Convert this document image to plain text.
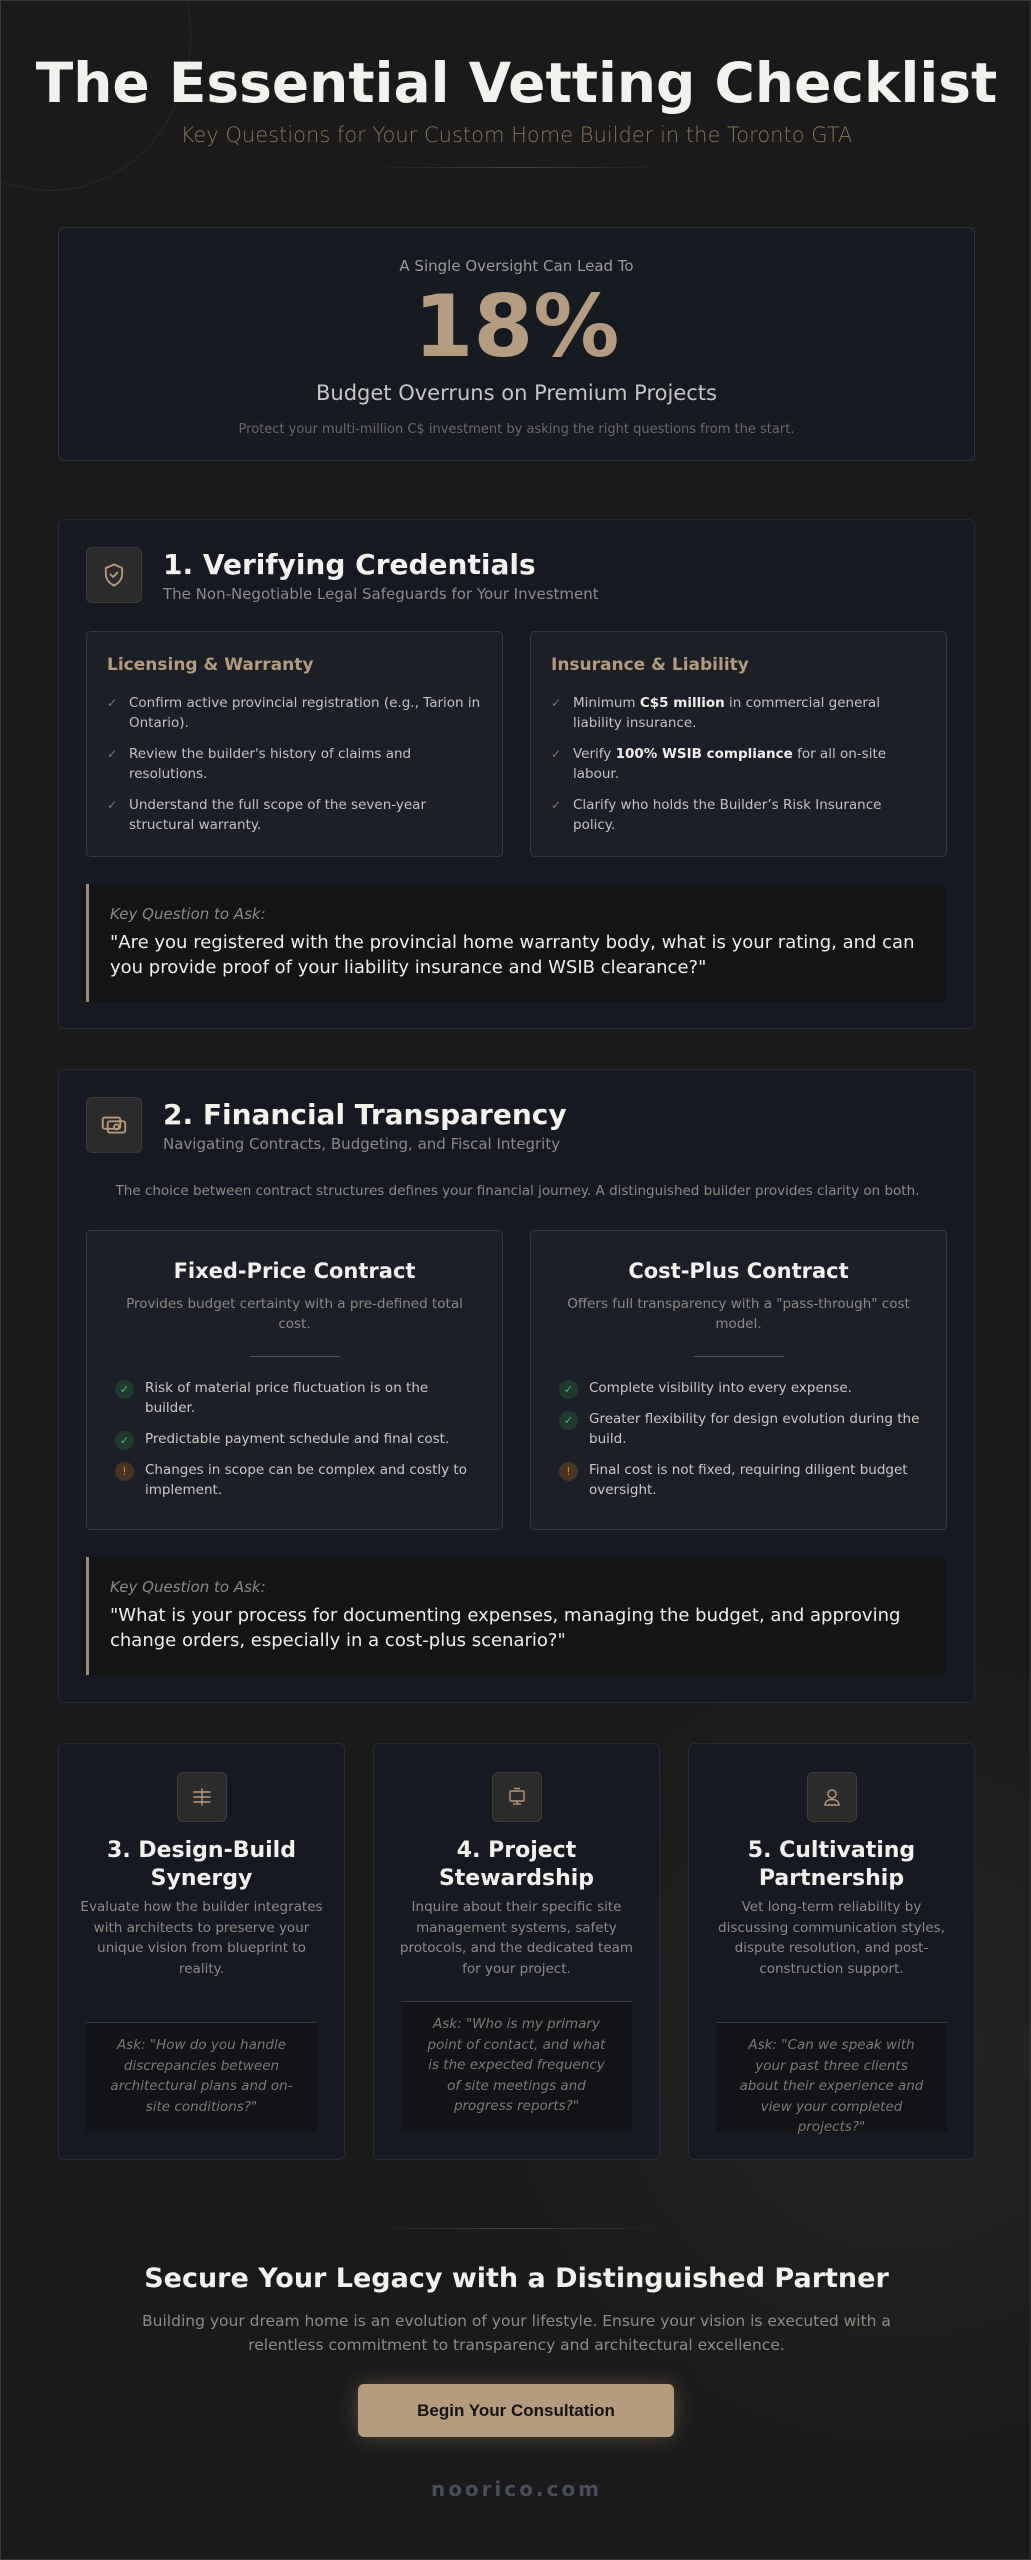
The Essential Vetting Checklist
Key Questions for Your Custom Home Builder in the Toronto GTA
A Single Oversight Can Lead To
18%
Budget Overruns on Premium Projects
Protect your multi-million C$ investment by asking the right questions from the start.
1. Verifying Credentials
The Non-Negotiable Legal Safeguards for Your Investment
Licensing & Warranty
✓ Confirm active provincial registration (e.g., Tarion in Ontario).
✓ Review the builder's history of claims and resolutions.
✓ Understand the full scope of the seven-year structural warranty.
Insurance & Liability
✓ Minimum C$5 million in commercial general liability insurance.
✓ Verify 100% WSIB compliance for all on-site labour.
✓ Clarify who holds the Builder’s Risk Insurance policy.
Key Question to Ask:
"Are you registered with the provincial home warranty body, what is your rating, and can you provide proof of your liability insurance and WSIB clearance?"
2. Financial Transparency
Navigating Contracts, Budgeting, and Fiscal Integrity
The choice between contract structures defines your financial journey. A distinguished builder provides clarity on both.
Fixed-Price Contract
Provides budget certainty with a pre-defined total cost.
✓	Risk of material price fluctuation is on the builder.
✓	Predictable payment schedule and final cost.
!	Changes in scope can be complex and costly to implement.
Cost-Plus Contract
Offers full transparency with a "pass-through" cost model.
✓	Complete visibility into every expense.
✓	Greater flexibility for design evolution during the build.
!	Final cost is not fixed, requiring diligent budget oversight.
Key Question to Ask:
"What is your process for documenting expenses, managing the budget, and approving change orders, especially in a cost-plus scenario?"
3. Design-Build Synergy
Evaluate how the builder integrates with architects to preserve your unique vision from blueprint to reality.
Ask: "How do you handle discrepancies between architectural plans and on-site conditions?"
4. Project Stewardship
Inquire about their specific site management systems, safety protocols, and the dedicated team for your project.
Ask: "Who is my primary point of contact, and what is the expected frequency of site meetings and progress reports?"
5. Cultivating Partnership
Vet long-term reliability by discussing communication styles, dispute resolution, and post-construction support.
Ask: "Can we speak with your past three clients about their experience and view your completed projects?"
Secure Your Legacy with a Distinguished Partner
Building your dream home is an evolution of your lifestyle. Ensure your vision is executed with a relentless commitment to transparency and architectural excellence.
Begin Your Consultation
noorico.com
